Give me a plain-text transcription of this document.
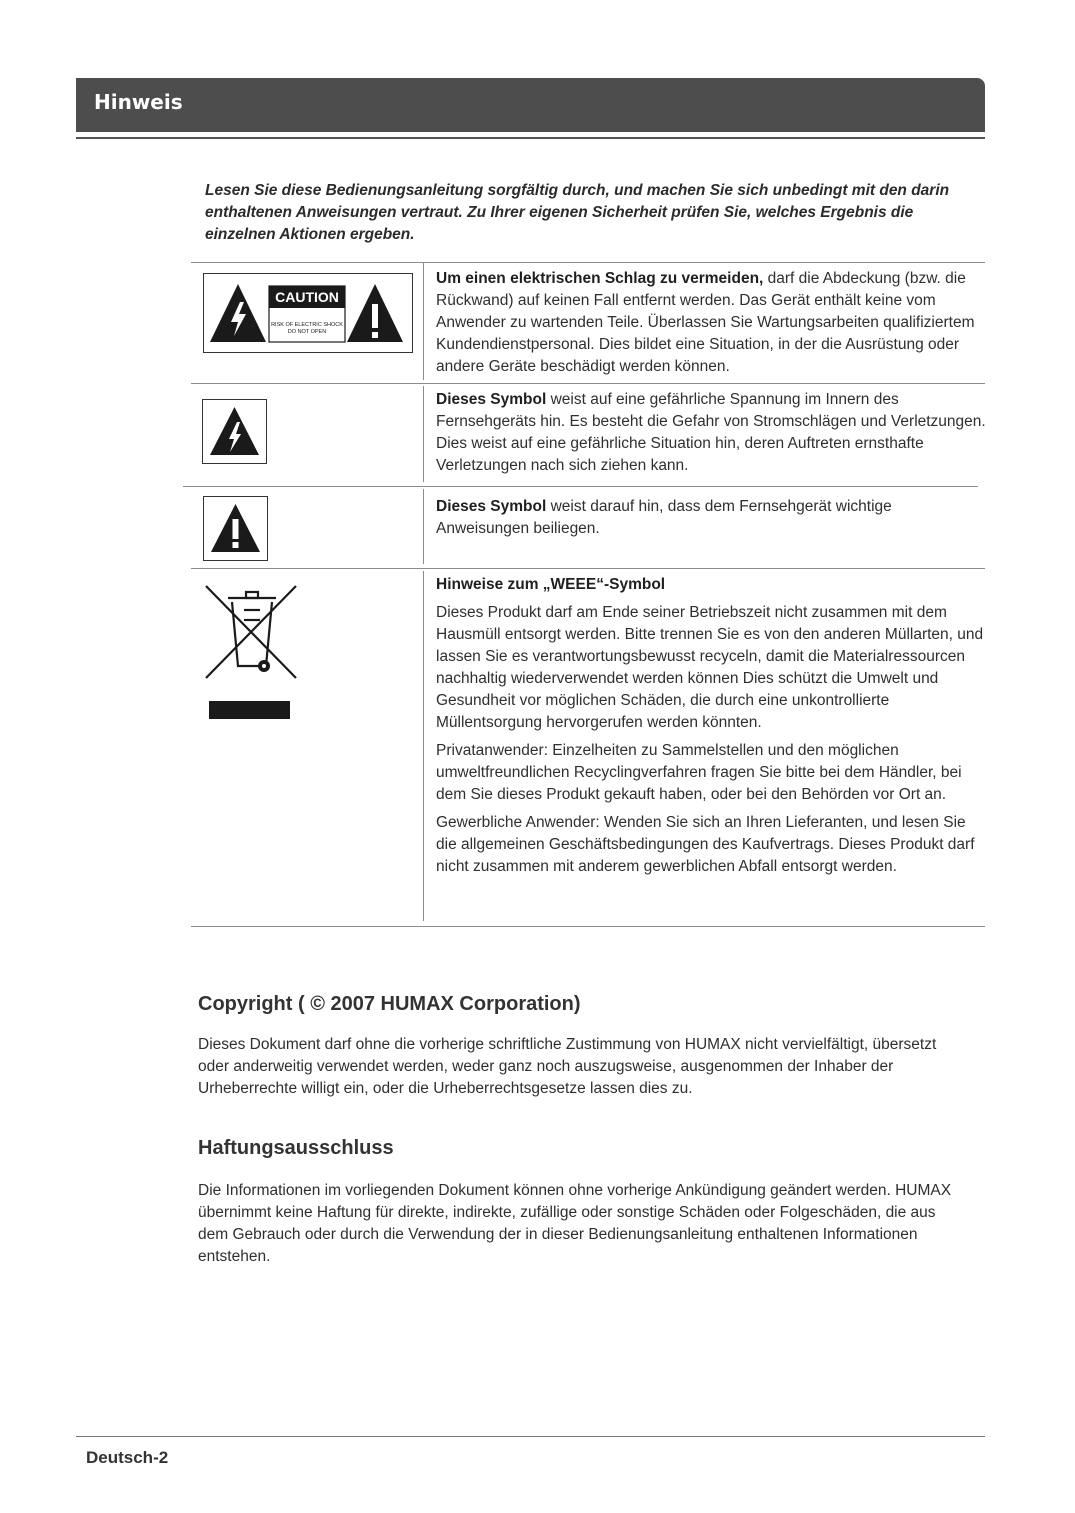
Hinweis
Lesen Sie diese Bedienungsanleitung sorgfältig durch, und machen Sie sich unbedingt mit den darin enthaltenen Anweisungen vertraut. Zu Ihrer eigenen Sicherheit prüfen Sie, welches Ergebnis die einzelnen Aktionen ergeben.
CAUTION
RISK OF ELECTRIC SHOCK
DO NOT OPEN
Um einen elektrischen Schlag zu vermeiden, darf die Abdeckung (bzw. die Rückwand) auf keinen Fall entfernt werden. Das Gerät enthält keine vom Anwender zu wartenden Teile. Überlassen Sie Wartungsarbeiten qualifiziertem Kundendienstpersonal. Dies bildet eine Situation, in der die Ausrüstung oder andere Geräte beschädigt werden können.
Dieses Symbol weist auf eine gefährliche Spannung im Innern des Fernsehgeräts hin. Es besteht die Gefahr von Stromschlägen und Verletzungen. Dies weist auf eine gefährliche Situation hin, deren Auftreten ernsthafte Verletzungen nach sich ziehen kann.
Dieses Symbol weist darauf hin, dass dem Fernsehgerät wichtige Anweisungen beiliegen.

Hinweise zum „WEEE“-Symbol

Dieses Produkt darf am Ende seiner Betriebszeit nicht zusammen mit dem Hausmüll entsorgt werden. Bitte trennen Sie es von den anderen Müllarten, und lassen Sie es verantwortungsbewusst recyceln, damit die Materialressourcen nachhaltig wiederverwendet werden können Dies schützt die Umwelt und Gesundheit vor möglichen Schäden, die durch eine unkontrollierte Müllentsorgung hervorgerufen werden könnten.

Privatanwender: Einzelheiten zu Sammelstellen und den möglichen umweltfreundlichen Recyclingverfahren fragen Sie bitte bei dem Händler, bei dem Sie dieses Produkt gekauft haben, oder bei den Behörden vor Ort an.

Gewerbliche Anwender: Wenden Sie sich an Ihren Lieferanten, und lesen Sie die allgemeinen Geschäftsbedingungen des Kaufvertrags. Dieses Produkt darf nicht zusammen mit anderem gewerblichen Abfall entsorgt werden.

Copyright ( © 2007 HUMAX Corporation)

Dieses Dokument darf ohne die vorherige schriftliche Zustimmung von HUMAX nicht vervielfältigt, übersetzt oder anderweitig verwendet werden, weder ganz noch auszugsweise, ausgenommen der Inhaber der Urheberrechte willigt ein, oder die Urheberrechtsgesetze lassen dies zu.

Haftungsausschluss

Die Informationen im vorliegenden Dokument können ohne vorherige Ankündigung geändert werden. HUMAX übernimmt keine Haftung für direkte, indirekte, zufällige oder sonstige Schäden oder Folgeschäden, die aus dem Gebrauch oder durch die Verwendung der in dieser Bedienungsanleitung enthaltenen Informationen entstehen.

Deutsch-2
